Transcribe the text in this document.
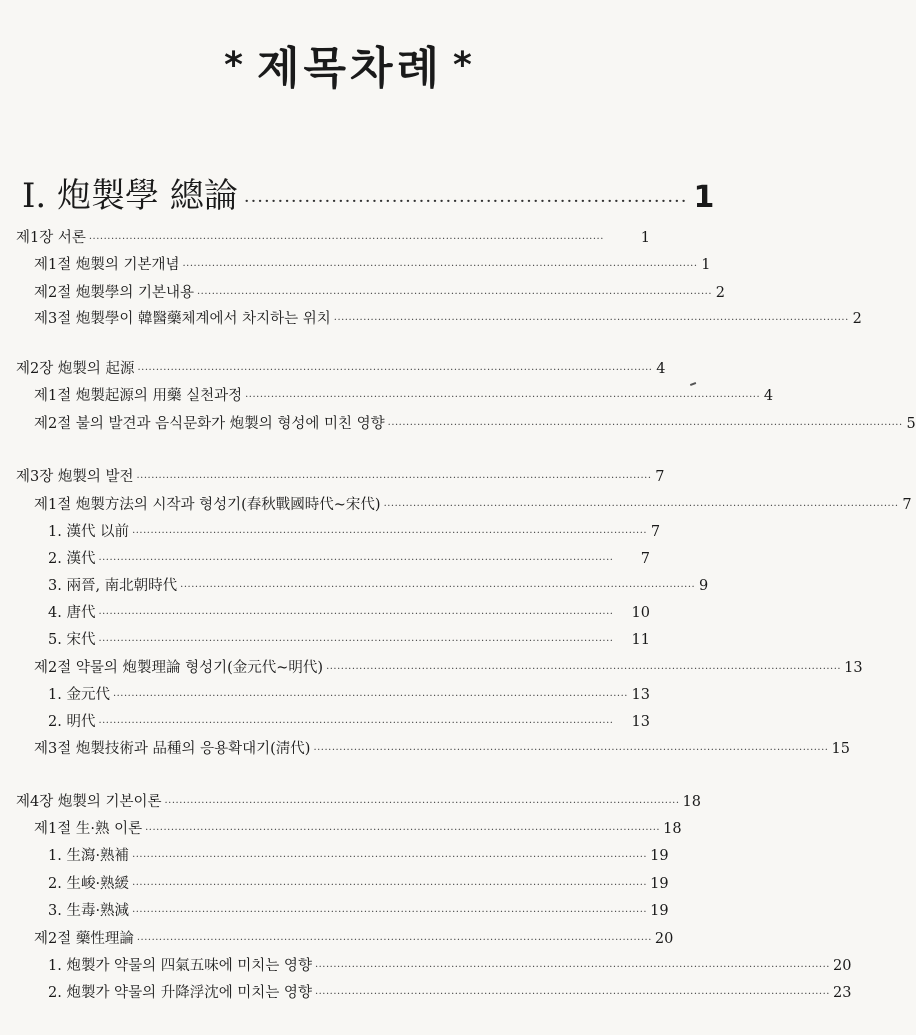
* 제목차례 *
I. 炮製學 總論 ·································································· 1
제1장 서론 ············································································································································	1
제1절 炮製의 기본개념 ············································································································································ 1
제2절 炮製學의 기본내용 ············································································································································ 2
제3절 炮製學이 韓醫藥체계에서 차지하는 위치 ············································································································································ 2
제2장 炮製의 起源 ············································································································································ 4
제1절 炮製起源의 用藥 실천과정 ············································································································································ 4
제2절 불의 발견과 음식문화가 炮製의 형성에 미친 영향 ············································································································································ 5
제3장 炮製의 발전 ············································································································································ 7
제1절 炮製方法의 시작과 형성기(春秋戰國時代~宋代) ············································································································································ 7
1. 漢代 以前 ············································································································································ 7
2. 漢代 ············································································································································	7
3. 兩晉, 南北朝時代 ············································································································································ 9
4. 唐代 ············································································································································	10
5. 宋代 ············································································································································	11
제2절 약물의 炮製理論 형성기(金元代~明代) ············································································································································ 13
1. 金元代 ············································································································································ 13
2. 明代 ············································································································································	13
제3절 炮製技術과 品種의 응용확대기(淸代) ············································································································································ 15
제4장 炮製의 기본이론 ············································································································································ 18
제1절 生·熟 이론 ············································································································································ 18
1. 生瀉·熟補 ············································································································································ 19
2. 生峻·熟緩 ············································································································································ 19
3. 生毒·熟減 ············································································································································ 19
제2절 藥性理論 ············································································································································ 20
1. 炮製가 약물의 四氣五味에 미치는 영향 ············································································································································ 20
2. 炮製가 약물의 升降浮沈에 미치는 영향 ············································································································································ 23
